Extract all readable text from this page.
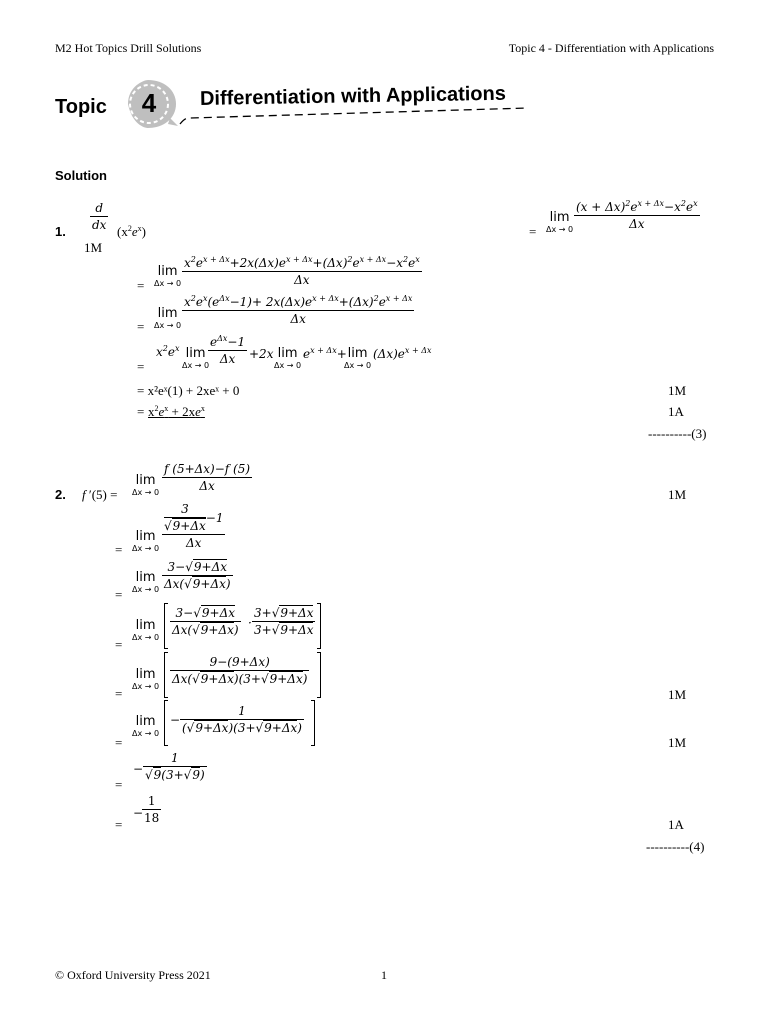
M2 Hot Topics Drill Solutions	Topic 4 - Differentiation with Applications
Topic 4 Differentiation with Applications
Solution
1.
d
dx $(x^2e^x)$
1M
=
lim
Δx → 0
$(x + \Delta x)^2e^{x + \Delta x}-x^2e^x$
Δx
=
lim
Δx → 0
$x^2e^{x + \Delta x}+2x(\Delta x)e^{x + \Delta x}+(\Delta x)^2e^{x + \Delta x}-x^2e^x$
Δx
=
lim
Δx → 0
$x^2e^x(e^{\Delta x}-1)+ 2x(\Delta x)e^{x + \Delta x}+(\Delta x)^2e^{x + \Delta x}$
Δx
=
$x^2e^x$ lim
Δx → 0
$e^{\Delta x}-1$
Δx +2x lim
Δx → 0
$e^{x + \Delta x}+ \lim$
Δx → 0
$(\Delta x)e^{x + \Delta x}$
= x²eˣ(1) + 2xeˣ + 0	1M
= $x^2e^x + 2xe^x$	1A
----------(3)
2. f ′(5) =
lim
Δx → 0
f (5+Δx)−f (5)
Δx
1M
=
lim
Δx → 0
3
√9+Δx
−1
Δx
=
lim
Δx → 0
3−√9+Δx
Δx(√9+Δx)
=
lim
Δx → 0
3−√9+Δx
Δx(√9+Δx) ·
3+√9+Δx
3+√9+Δx
=
lim
Δx → 0
9−(9+Δx)
Δx(√9+Δx)(3+√9+Δx)
1M
=
lim
Δx → 0
−
1
(√9+Δx)(3+√9+Δx)
1M
=
−
1
√9(3+√9)
=
−
1
18	1A
----------(4)
© Oxford University Press 2021	1
